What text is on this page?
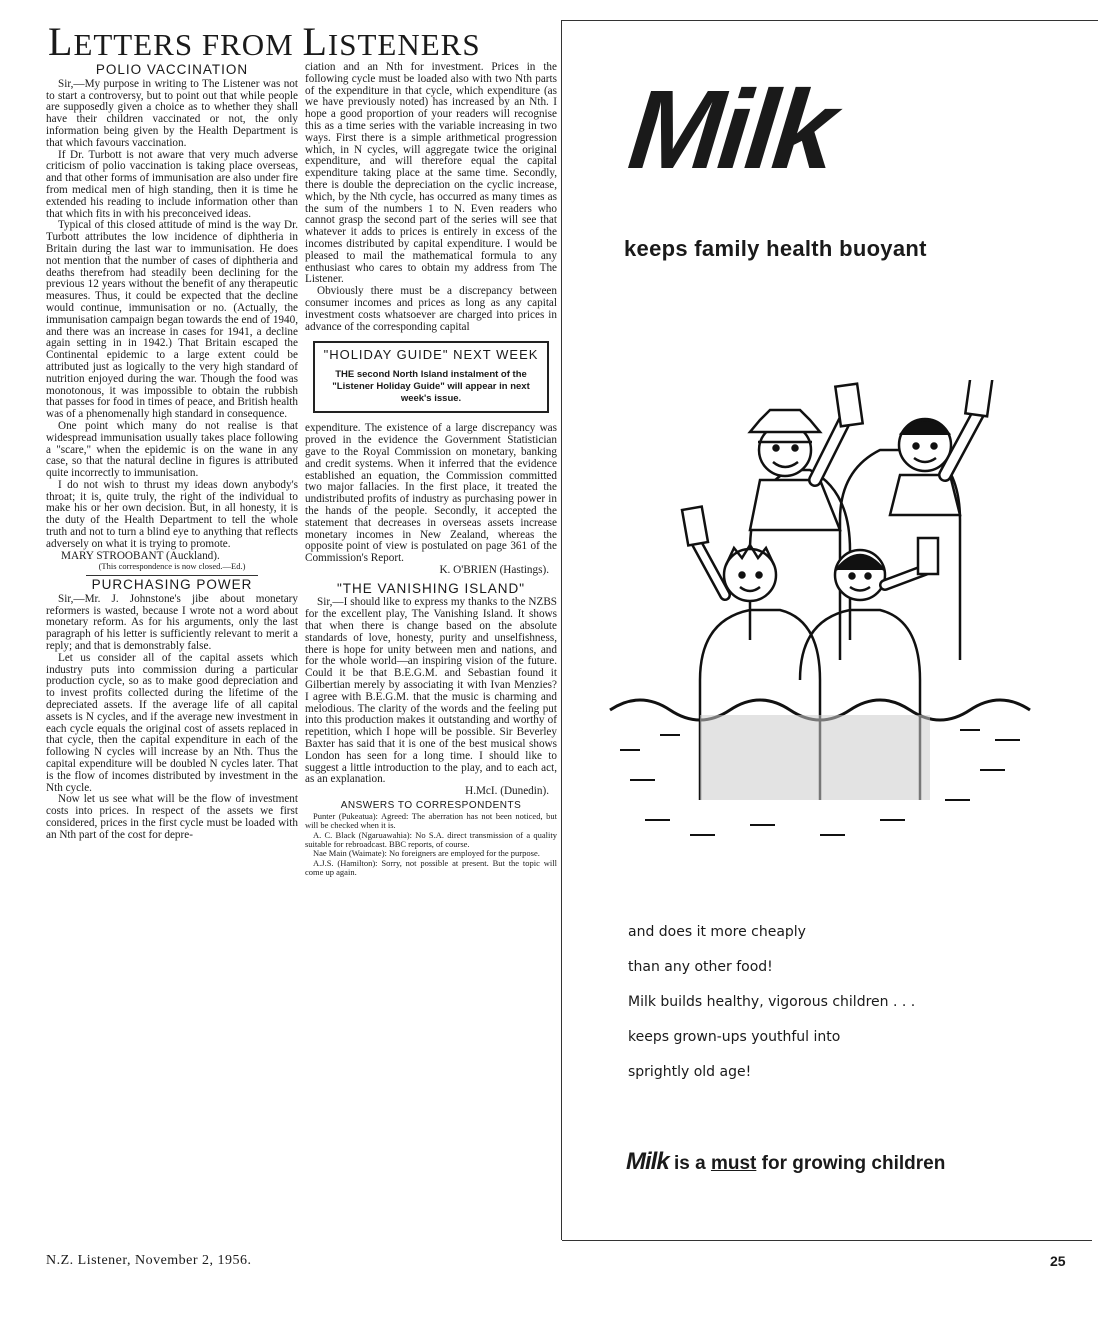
LETTERS FROM LISTENERS
POLIO VACCINATION

Sir,—My purpose in writing to The Listener was not to start a controversy, but to point out that while people are supposedly given a choice as to whether they shall have their children vaccinated or not, the only information being given by the Health Department is that which favours vaccination.

If Dr. Turbott is not aware that very much adverse criticism of polio vaccination is taking place overseas, and that other forms of immunisation are also under fire from medical men of high standing, then it is time he extended his reading to include information other than that which fits in with his preconceived ideas.

Typical of this closed attitude of mind is the way Dr. Turbott attributes the low incidence of diphtheria in Britain during the last war to immunisation. He does not mention that the number of cases of diphtheria and deaths therefrom had steadily been declining for the previous 12 years without the benefit of any therapeutic measures. Thus, it could be expected that the decline would continue, immunisation or no. (Actually, the immunisation campaign began towards the end of 1940, and there was an increase in cases for 1941, a decline again setting in in 1942.) That Britain escaped the Continental epidemic to a large extent could be attributed just as logically to the very high standard of nutrition enjoyed during the war. Though the food was monotonous, it was impossible to obtain the rubbish that passes for food in times of peace, and British health was of a phenomenally high standard in consequence.

One point which many do not realise is that widespread immunisation usually takes place following a "scare," when the epidemic is on the wane in any case, so that the natural decline in figures is attributed quite incorrectly to immunisation.

I do not wish to thrust my ideas down anybody's throat; it is, quite truly, the right of the individual to make his or her own decision. But, in all honesty, it is the duty of the Health Department to tell the whole truth and not to turn a blind eye to anything that reflects adversely on what it is trying to promote.

MARY STROOBANT (Auckland).
(This correspondence is now closed.—Ed.)
PURCHASING POWER

Sir,—Mr. J. Johnstone's jibe about monetary reformers is wasted, because I wrote not a word about monetary reform. As for his arguments, only the last paragraph of his letter is sufficiently relevant to merit a reply; and that is demonstrably false.

Let us consider all of the capital assets which industry puts into commission during a particular production cycle, so as to make good depreciation and to invest profits collected during the lifetime of the depreciated assets. If the average life of all capital assets is N cycles, and if the average new investment in each cycle equals the original cost of assets replaced in that cycle, then the capital expenditure in each of the following N cycles will increase by an Nth. Thus the capital expenditure will be doubled N cycles later. That is the flow of incomes distributed by investment in the Nth cycle.

Now let us see what will be the flow of investment costs into prices. In respect of the assets we first considered, prices in the first cycle must be loaded with an Nth part of the cost for depre-

ciation and an Nth for investment. Prices in the following cycle must be loaded also with two Nth parts of the expenditure in that cycle, which expenditure (as we have previously noted) has increased by an Nth. I hope a good proportion of your readers will recognise this as a time series with the variable increasing in two ways. First there is a simple arithmetical progression which, in N cycles, will aggregate twice the original expenditure, and will therefore equal the capital expenditure taking place at the same time. Secondly, there is double the depreciation on the cyclic increase, which, by the Nth cycle, has occurred as many times as the sum of the numbers 1 to N. Even readers who cannot grasp the second part of the series will see that whatever it adds to prices is entirely in excess of the incomes distributed by capital expenditure. I would be pleased to mail the mathematical formula to any enthusiast who cares to obtain my address from The Listener.

Obviously there must be a discrepancy between consumer incomes and prices as long as any capital investment costs whatsoever are charged into prices in advance of the corresponding capital

"HOLIDAY GUIDE" NEXT WEEK
THE second North Island instalment of the "Listener Holiday Guide" will appear in next week's issue.

expenditure. The existence of a large discrepancy was proved in the evidence the Government Statistician gave to the Royal Commission on monetary, banking and credit systems. When it inferred that the evidence established an equation, the Commission committed two major fallacies. In the first place, it treated the undistributed profits of industry as purchasing power in the hands of the people. Secondly, it accepted the statement that decreases in overseas assets increase monetary incomes in New Zealand, whereas the opposite point of view is postulated on page 361 of the Commission's Report.

K. O'BRIEN (Hastings).
"THE VANISHING ISLAND"

Sir,—I should like to express my thanks to the NZBS for the excellent play, The Vanishing Island. It shows that when there is change based on the absolute standards of love, honesty, purity and unselfishness, there is hope for unity between men and nations, and for the whole world—an inspiring vision of the future. Could it be that B.E.G.M. and Sebastian found it Gilbertian merely by associating it with Ivan Menzies? I agree with B.E.G.M. that the music is charming and melodious. The clarity of the words and the feeling put into this production makes it outstanding and worthy of repetition, which I hope will be possible. Sir Beverley Baxter has said that it is one of the best musical shows London has seen for a long time. I should like to suggest a little introduction to the play, and to each act, as an explanation.

H.McI. (Dunedin).
ANSWERS TO CORRESPONDENTS

Punter (Pukeatua): Agreed: The aberration has not been noticed, but will be checked when it is.

A. C. Black (Ngaruawahia): No S.A. direct transmission of a quality suitable for rebroadcast. BBC reports, of course.

Nae Main (Waimate): No foreigners are employed for the purpose.

A.J.S. (Hamilton): Sorry, not possible at present. But the topic will come up again.

Milk
keeps family health buoyant
and does it more cheaply
than any other food!
Milk builds healthy, vigorous children . . .
keeps grown-ups youthful into
sprightly old age!
Milk is a must for growing children
N.Z. Listener, November 2, 1956.	25
